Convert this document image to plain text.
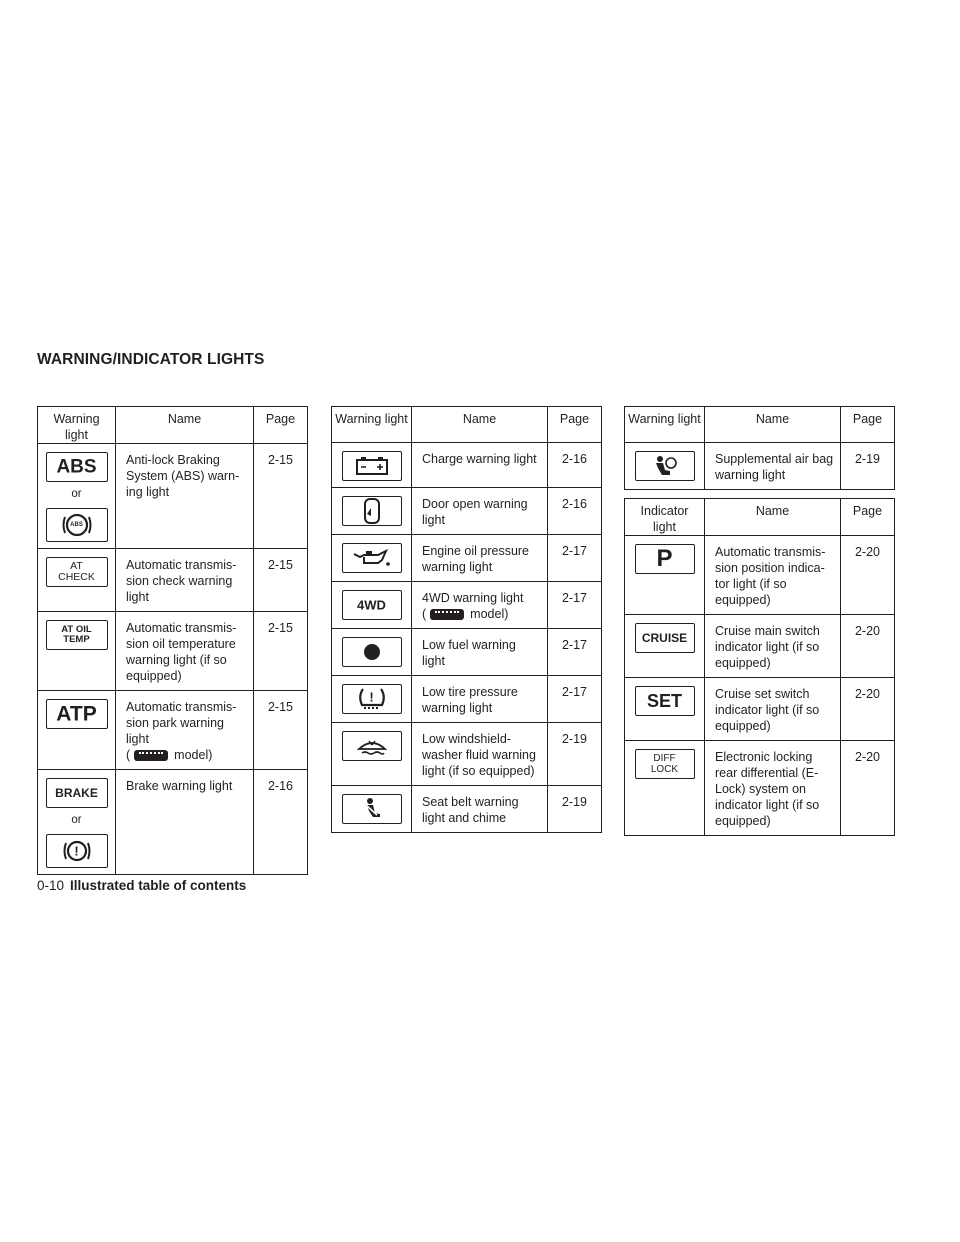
WARNING/INDICATOR LIGHTS
Warning light	Name	Page

ABS
or
ABS	Anti-lock Braking System (ABS) warn- ing light	2-15

AT CHECK	Automatic transmis- sion check warning light	2-15

AT OIL TEMP	Automatic transmis- sion oil temperature warning light (if so equipped)	2-15

ATP	Automatic transmis- sion park warning light
( model)	2-15

BRAKE
or
!	Brake warning light	2-16
Warning light	Name	Page

	Charge warning light	2-16

	Door open warning light	2-16

	Engine oil pressure warning light	2-17

4WD	4WD warning light
( model)	2-17

	Low fuel warning light	2-17

!	Low tire pressure warning light	2-17

	Low windshield- washer fluid warning light (if so equipped)	2-19

	Seat belt warning light and chime	2-19
Warning light	Name	Page

	Supplemental air bag warning light	2-19

Indicator light	Name	Page

P	Automatic transmis- sion position indica- tor light (if so equipped)	2-20

CRUISE	Cruise main switch indicator light (if so equipped)	2-20

SET	Cruise set switch indicator light (if so equipped)	2-20

DIFF LOCK	Electronic locking rear differential (E-Lock) system on indicator light (if so equipped)	2-20
0-10 Illustrated table of contents
